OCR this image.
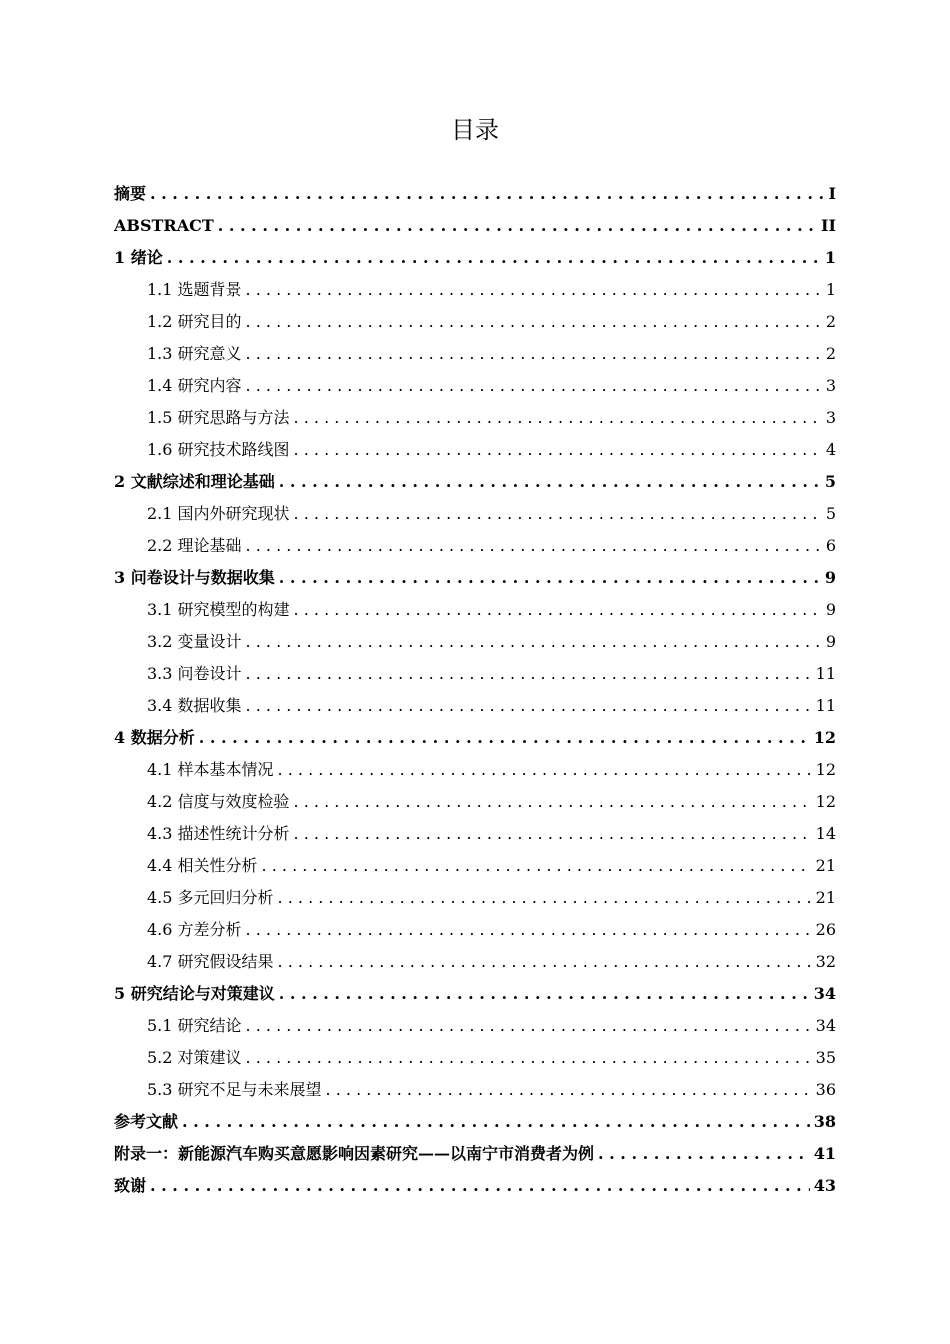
目录
摘要 . . .	I
ABSTRACT . . .	II
1 绪论 . . .	1
1.1 选题背景 . . .	1
1.2 研究目的 . . .	2
1.3 研究意义 . . .	2
1.4 研究内容 . . .	3
1.5 研究思路与方法 . . .	3
1.6 研究技术路线图 . . .	4
2 文献综述和理论基础 . . .	5
2.1 国内外研究现状 . . .	5
2.2 理论基础 . . .	6
3 问卷设计与数据收集 . . .	9
3.1 研究模型的构建 . . .	9
3.2 变量设计 . . .	9
3.3 问卷设计 . . .	11
3.4 数据收集 . . .	11
4 数据分析 . . .	12
4.1 样本基本情况 . . .	12
4.2 信度与效度检验 . . .	12
4.3 描述性统计分析 . . .	14
4.4 相关性分析 . . .	21
4.5 多元回归分析 . . .	21
4.6 方差分析 . . .	26
4.7 研究假设结果 . . .	32
5 研究结论与对策建议 . . .	34
5.1 研究结论 . . .	34
5.2 对策建议 . . .	35
5.3 研究不足与未来展望 . . .	36
参考文献 . . .	38
附录一：新能源汽车购买意愿影响因素研究——以南宁市消费者为例 . . .	41
致谢 . . .	43
